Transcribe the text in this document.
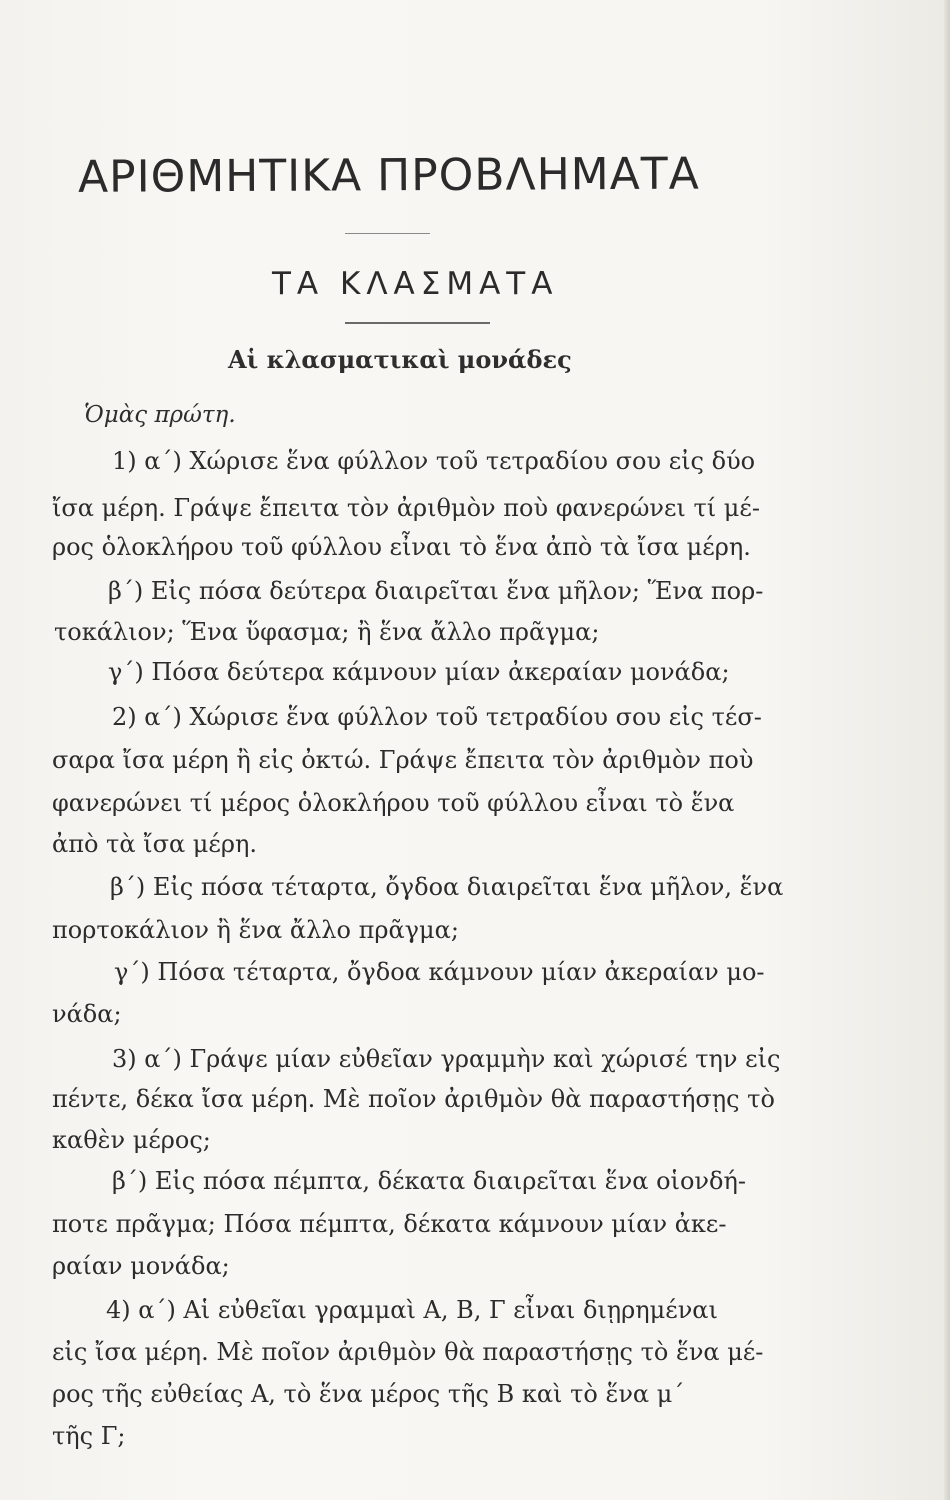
ΑΡΙΘΜΗΤΙΚΑ ΠΡΟΒΛΗΜΑΤΑ
ΤΑ ΚΛΑΣΜΑΤΑ
Αἱ κλασματικαὶ μονάδες
Ὁμὰς πρώτη.
1) α΄) Χώρισε ἕνα φύλλον τοῦ τετραδίου σου εἰς δύο
ἴσα μέρη. Γράψε ἔπειτα τὸν ἀριθμὸν ποὺ φανερώνει τί μέ-
ρος ὁλοκλήρου τοῦ φύλλου εἶναι τὸ ἕνα ἀπὸ τὰ ἴσα μέρη.
β΄) Εἰς πόσα δεύτερα διαιρεῖται ἕνα μῆλον; Ἕνα πορ-
τοκάλιον; Ἕνα ὕφασμα; ἢ ἕνα ἄλλο πρᾶγμα;
γ΄) Πόσα δεύτερα κάμνουν μίαν ἀκεραίαν μονάδα;
2) α΄) Χώρισε ἕνα φύλλον τοῦ τετραδίου σου εἰς τέσ-
σαρα ἴσα μέρη ἢ εἰς ὀκτώ. Γράψε ἔπειτα τὸν ἀριθμὸν ποὺ
φανερώνει τί μέρος ὁλοκλήρου τοῦ φύλλου εἶναι τὸ ἕνα
ἀπὸ τὰ ἴσα μέρη.
β΄) Εἰς πόσα τέταρτα, ὄγδοα διαιρεῖται ἕνα μῆλον, ἕνα
πορτοκάλιον ἢ ἕνα ἄλλο πρᾶγμα;
γ΄) Πόσα τέταρτα, ὄγδοα κάμνουν μίαν ἀκεραίαν μο-
νάδα;
3) α΄) Γράψε μίαν εὐθεῖαν γραμμὴν καὶ χώρισέ την εἰς
πέντε, δέκα ἴσα μέρη. Μὲ ποῖον ἀριθμὸν θὰ παραστήσῃς τὸ
καθὲν μέρος;
β΄) Εἰς πόσα πέμπτα, δέκατα διαιρεῖται ἕνα οἱονδή-
ποτε πρᾶγμα; Πόσα πέμπτα, δέκατα κάμνουν μίαν ἀκε-
ραίαν μονάδα;
4) α΄) Αἱ εὐθεῖαι γραμμαὶ Α, Β, Γ εἶναι διῃρημέναι
εἰς ἴσα μέρη. Μὲ ποῖον ἀριθμὸν θὰ παραστήσῃς τὸ ἕνα μέ-
ρος τῆς εὐθείας Α, τὸ ἕνα μέρος τῆς Β καὶ τὸ ἕνα μ΄
τῆς Γ;
